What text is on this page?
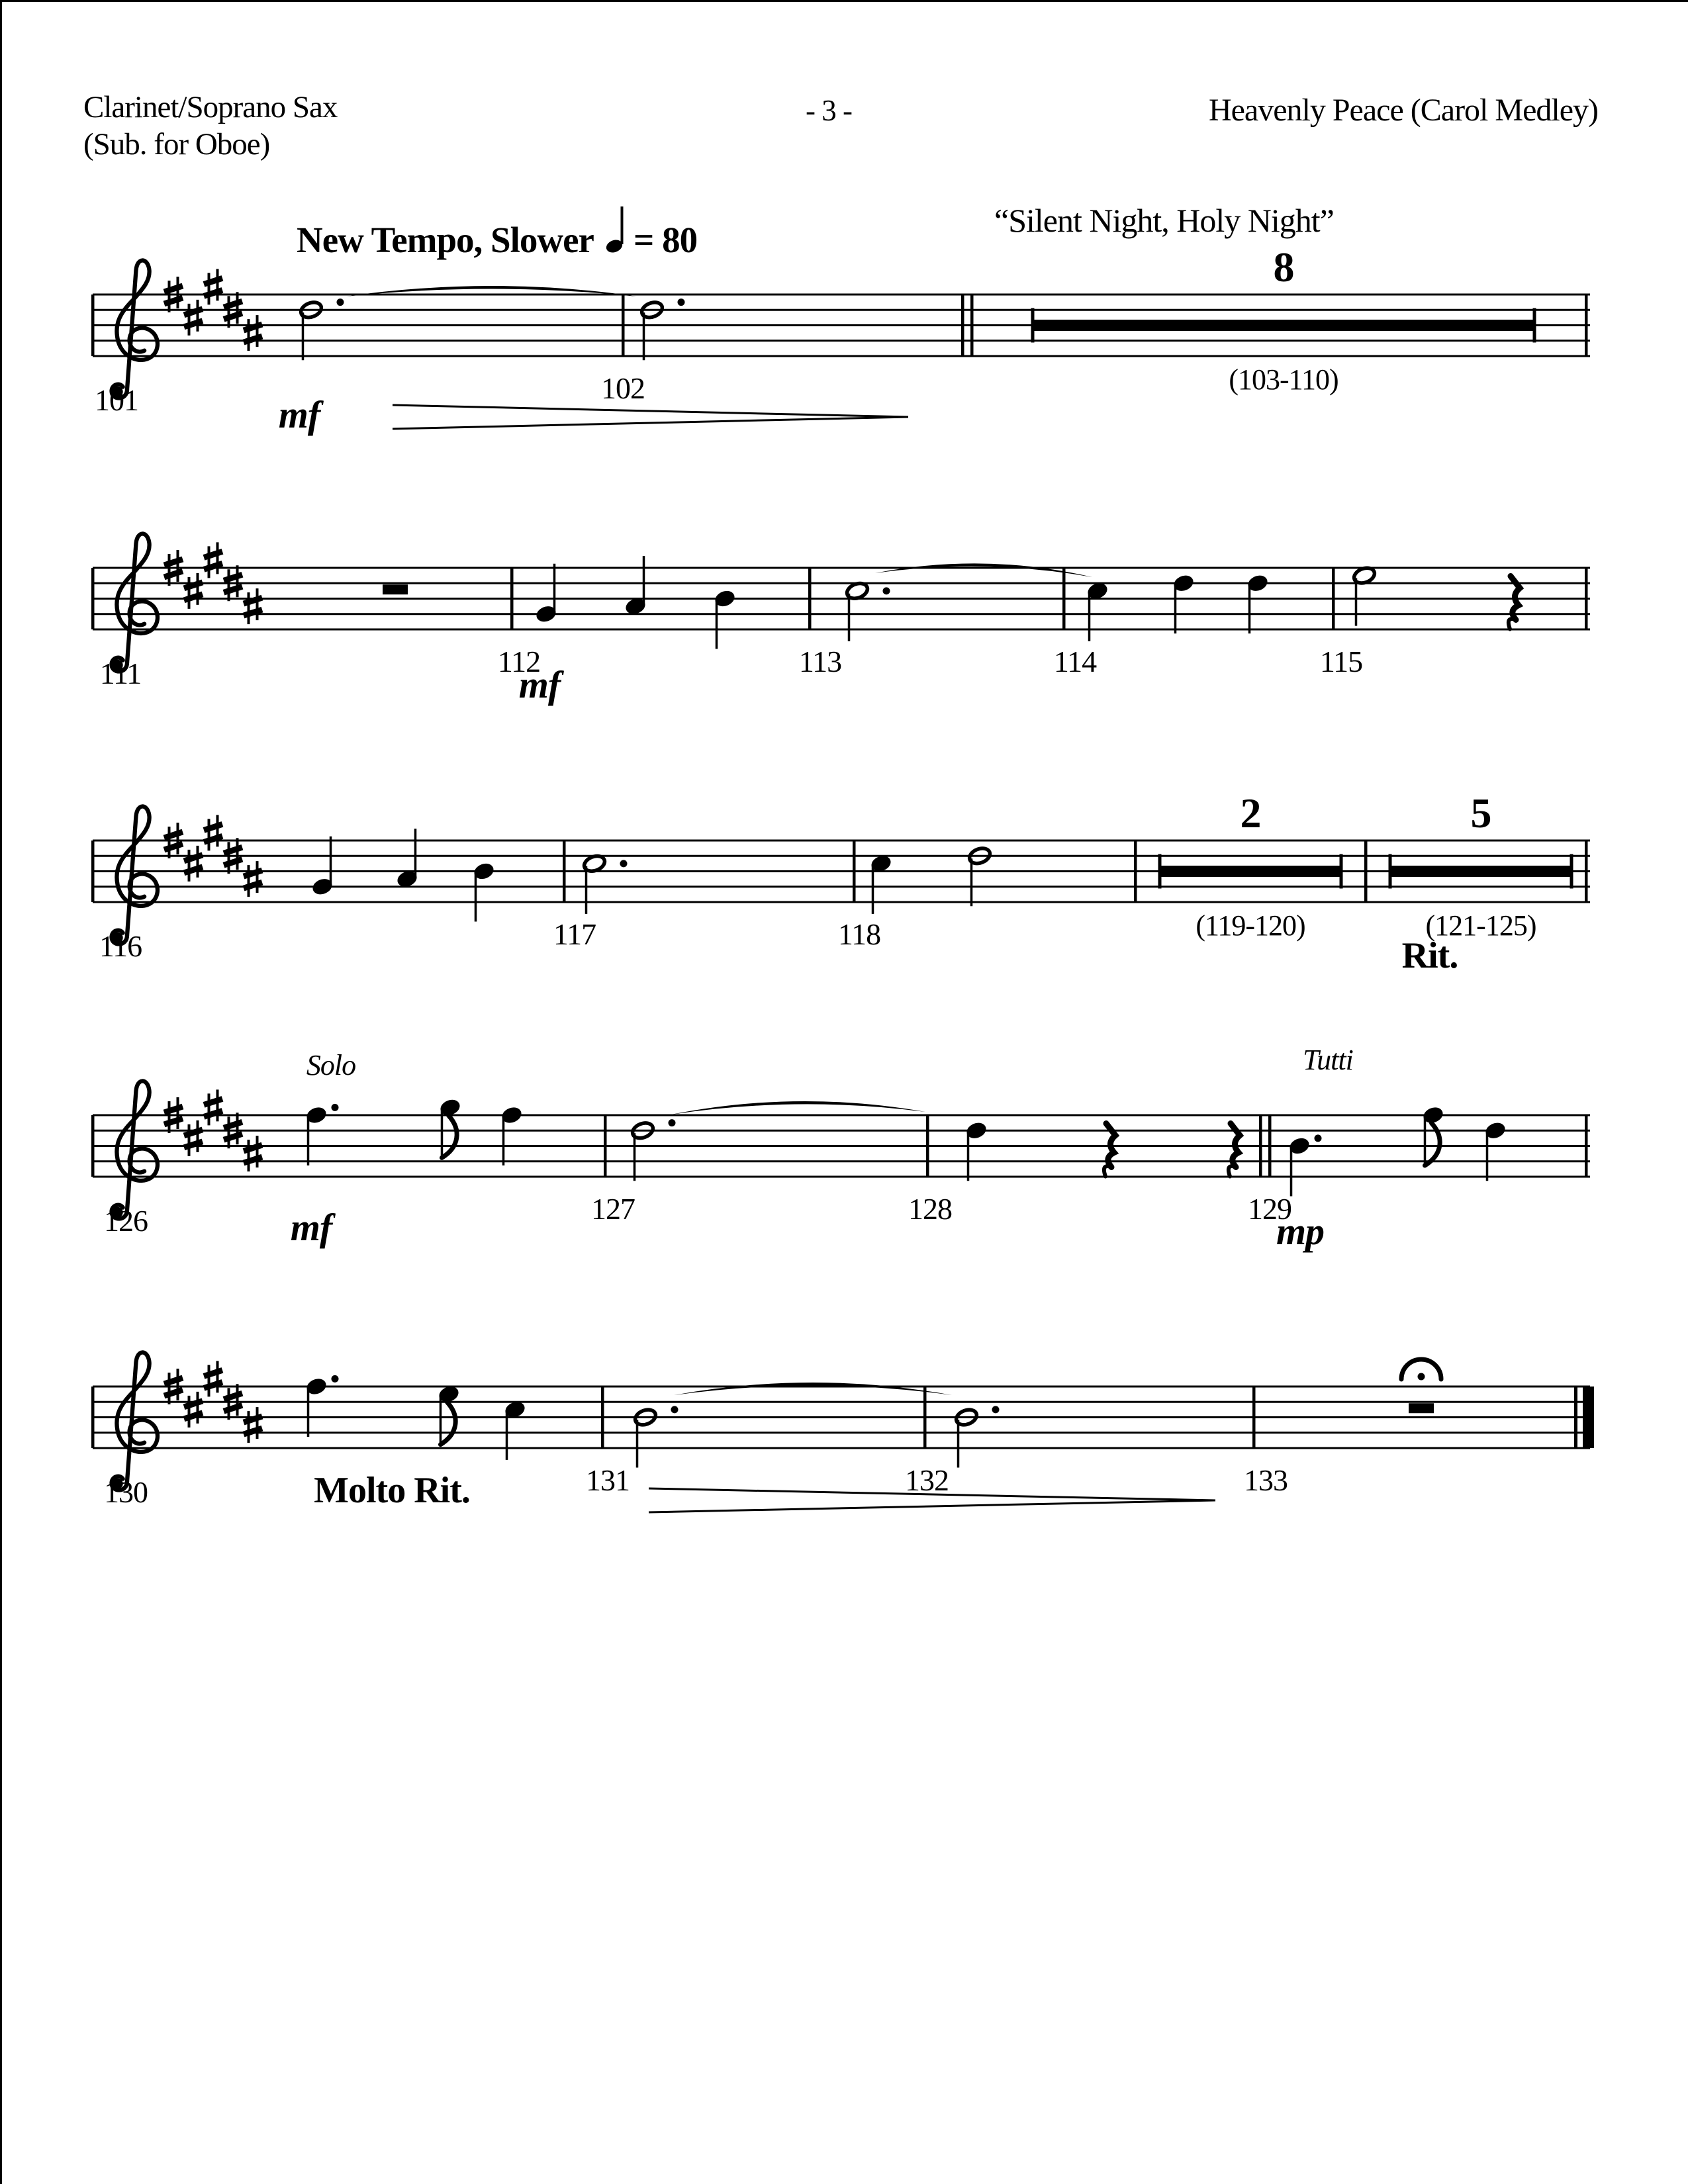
Clarinet/Soprano Sax
(Sub. for Oboe)
- 3 -	Heavenly Peace (Carol Medley)
New Tempo, Slower = 80	“Silent Night, Holy Night”
8
(103-110)
101	102
mf
111	112
mf
113	114	115
2
(119-120)
5
(121-125)
116	117	118
Rit.
126
Solo
mf	127	128	129
Tutti
mp
130	Molto Rit.	131	132	133
